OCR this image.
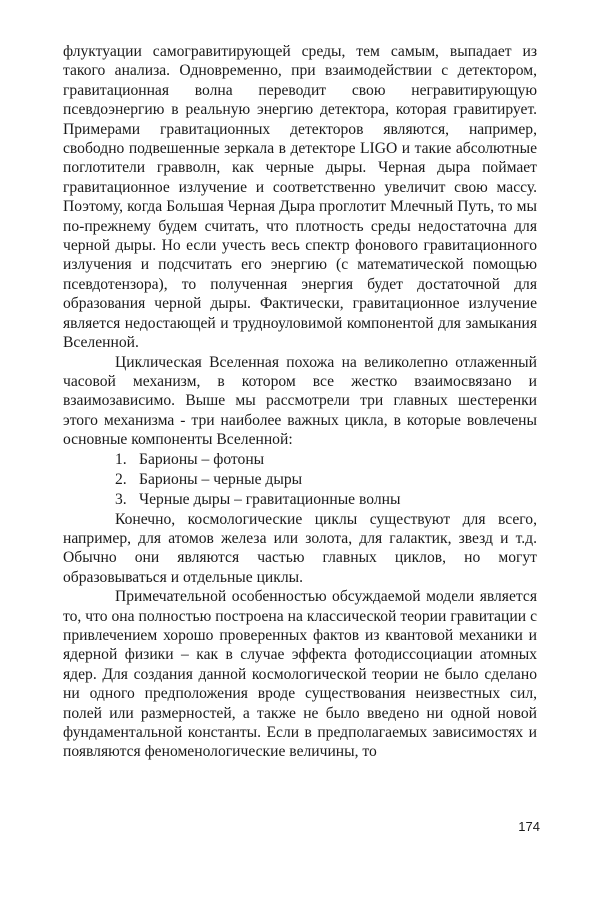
флуктуации самогравитирующей среды, тем самым, выпадает из такого анализа. Одновременно, при взаимодействии с детектором, гравитационная волна переводит свою негравитирующую псевдоэнергию в реальную энергию детектора, которая гравитирует. Примерами гравитационных детекторов являются, например, свободно подвешенные зеркала в детекторе LIGO и такие абсолютные поглотители гравволн, как черные дыры. Черная дыра поймает гравитационное излучение и соответственно увеличит свою массу. Поэтому, когда Большая Черная Дыра проглотит Млечный Путь, то мы по-прежнему будем считать, что плотность среды недостаточна для черной дыры. Но если учесть весь спектр фонового гравитационного излучения и подсчитать его энергию (с математической помощью псевдотензора), то полученная энергия будет достаточной для образования черной дыры. Фактически, гравитационное излучение является недостающей и трудноуловимой компонентой для замыкания Вселенной.

Циклическая Вселенная похожа на великолепно отлаженный часовой механизм, в котором все жестко взаимосвязано и взаимозависимо. Выше мы рассмотрели три главных шестеренки этого механизма - три наиболее важных цикла, в которые вовлечены основные компоненты Вселенной:

1. Барионы – фотоны
2. Барионы – черные дыры
3. Черные дыры – гравитационные волны

Конечно, космологические циклы существуют для всего, например, для атомов железа или золота, для галактик, звезд и т.д. Обычно они являются частью главных циклов, но могут образовываться и отдельные циклы.

Примечательной особенностью обсуждаемой модели является то, что она полностью построена на классической теории гравитации с привлечением хорошо проверенных фактов из квантовой механики и ядерной физики – как в случае эффекта фотодиссоциации атомных ядер. Для создания данной космологической теории не было сделано ни одного предположения вроде существования неизвестных сил, полей или размерностей, а также не было введено ни одной новой фундаментальной константы. Если в предполагаемых зависимостях и появляются феноменологические величины, то

174
